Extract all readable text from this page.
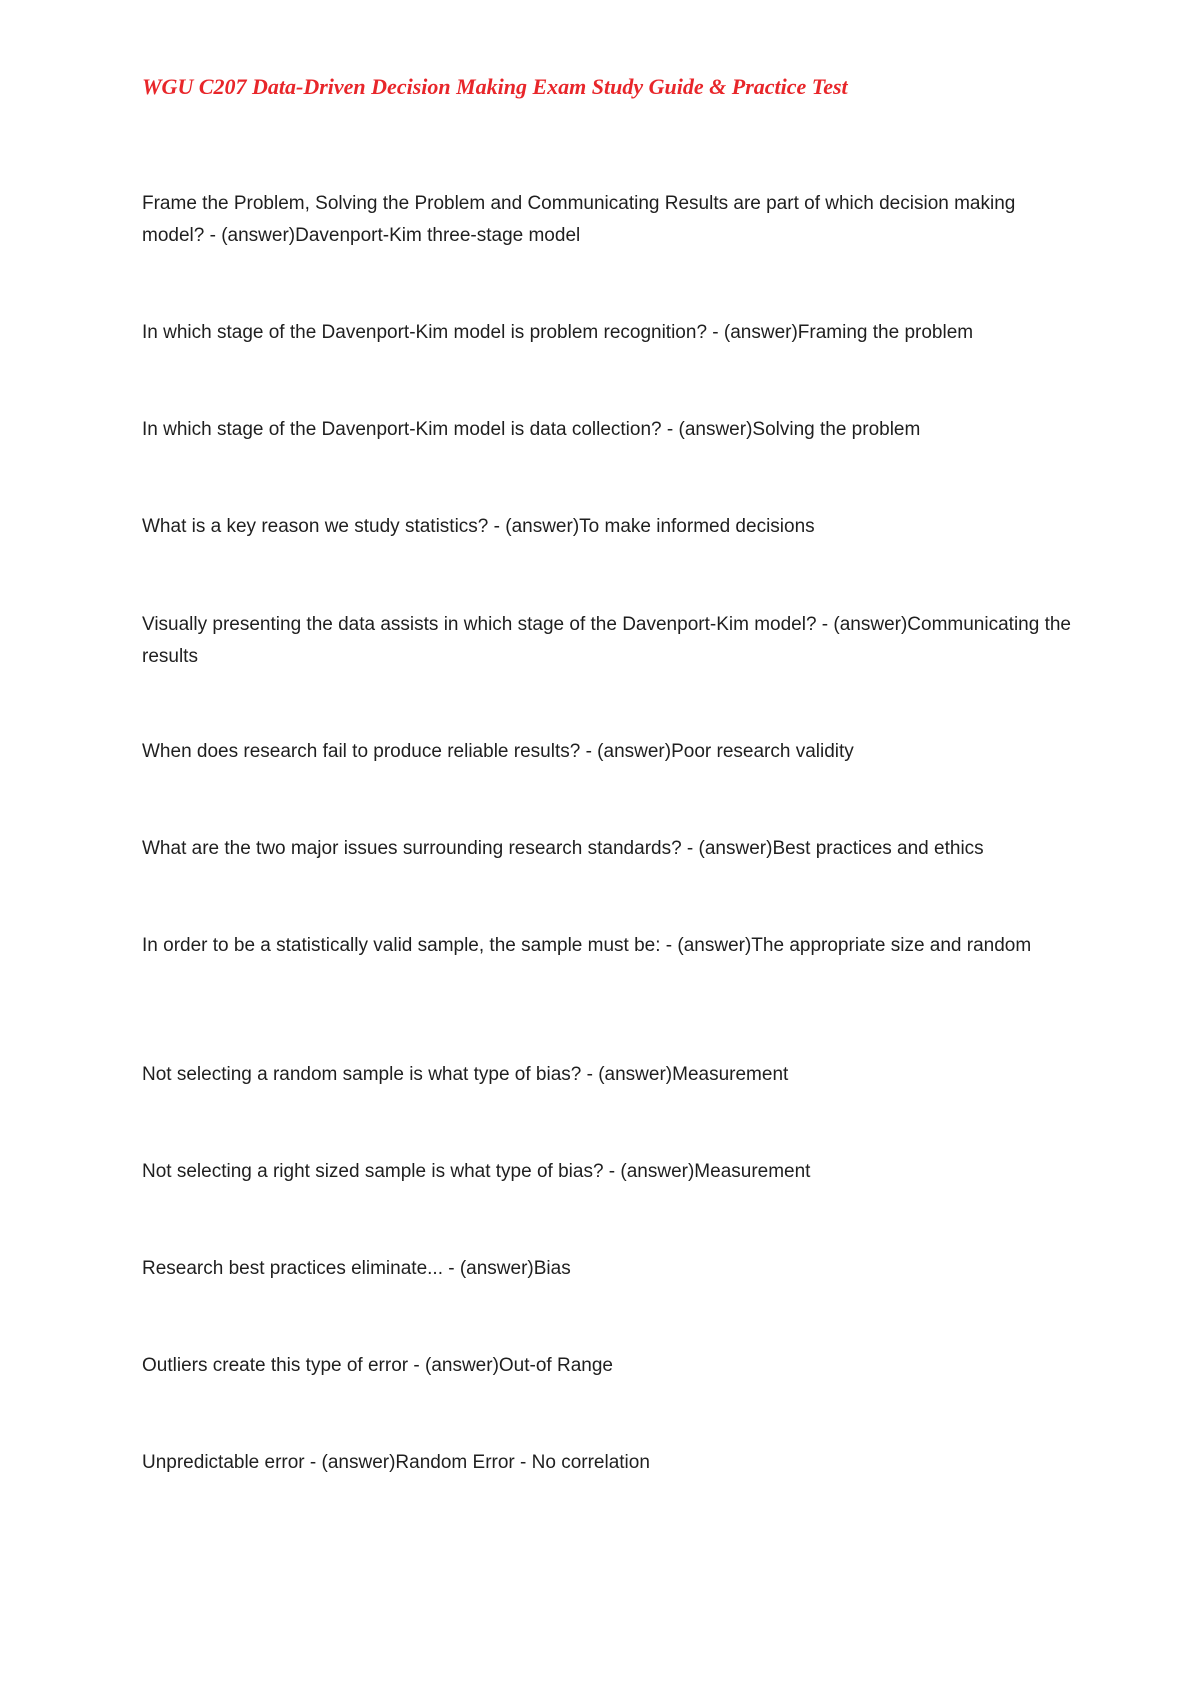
WGU C207 Data-Driven Decision Making Exam Study Guide & Practice Test

Frame the Problem, Solving the Problem and Communicating Results are part of which decision making model? - (answer)Davenport-Kim three-stage model

In which stage of the Davenport-Kim model is problem recognition? - (answer)Framing the problem

In which stage of the Davenport-Kim model is data collection? - (answer)Solving the problem

What is a key reason we study statistics? - (answer)To make informed decisions

Visually presenting the data assists in which stage of the Davenport-Kim model? - (answer)Communicating the results

When does research fail to produce reliable results? - (answer)Poor research validity

What are the two major issues surrounding research standards? - (answer)Best practices and ethics

In order to be a statistically valid sample, the sample must be: - (answer)The appropriate size and random

Not selecting a random sample is what type of bias? - (answer)Measurement

Not selecting a right sized sample is what type of bias? - (answer)Measurement

Research best practices eliminate... - (answer)Bias

Outliers create this type of error - (answer)Out-of Range

Unpredictable error - (answer)Random Error - No correlation
